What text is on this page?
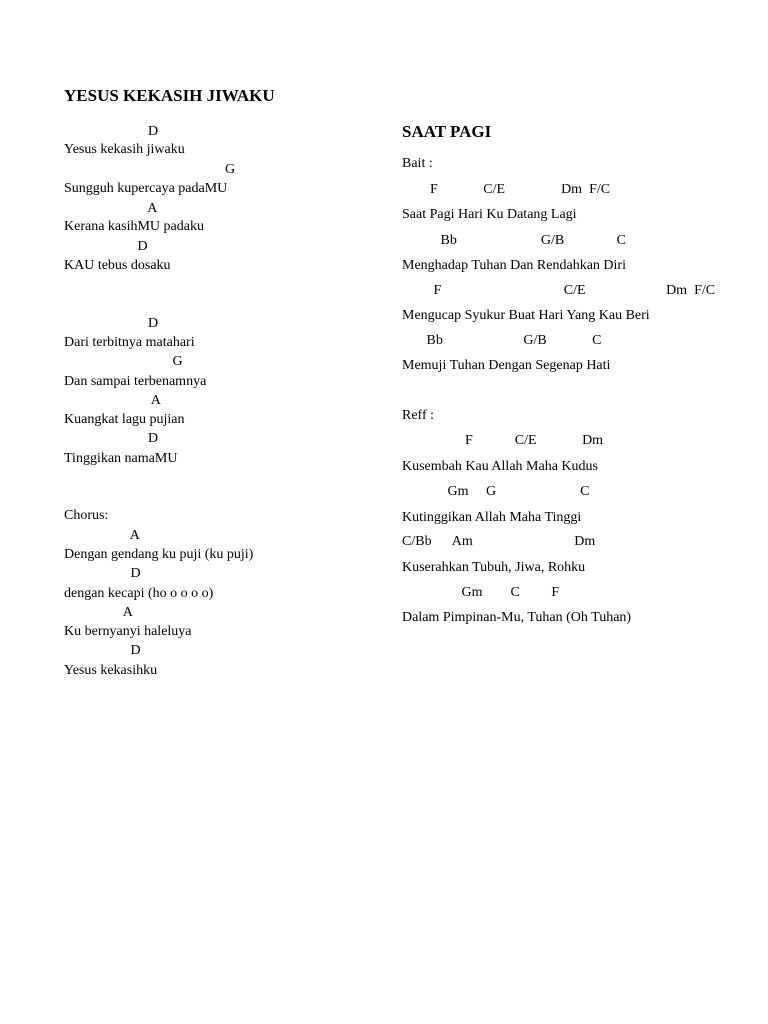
YESUS KEKASIH JIWAKU

D

Yesus kekasih jiwaku

G

Sungguh kupercaya padaMU

A

Kerana kasihMU padaku

D

KAU tebus dosaku

D

Dari terbitnya matahari

G

Dan sampai terbenamnya

A

Kuangkat lagu pujian

D

Tinggikan namaMU

Chorus:

A

Dengan gendang ku puji (ku puji)

D

dengan kecapi (ho o o o o)

A

Ku bernyanyi haleluya

D

Yesus kekasihku

SAAT PAGI

Bait :

F             C/E                Dm  F/C

Saat Pagi Hari Ku Datang Lagi

Bb                        G/B               C

Menghadap Tuhan Dan Rendahkan Diri

F                                   C/E                       Dm  F/C

Mengucap Syukur Buat Hari Yang Kau Beri

Bb                       G/B             C

Memuji Tuhan Dengan Segenap Hati

Reff :

F            C/E             Dm

Kusembah Kau Allah Maha Kudus

Gm     G                        C

Kutinggikan Allah Maha Tinggi

C/Bb      Am                             Dm

Kuserahkan Tubuh, Jiwa, Rohku

Gm        C         F

Dalam Pimpinan-Mu, Tuhan (Oh Tuhan)
